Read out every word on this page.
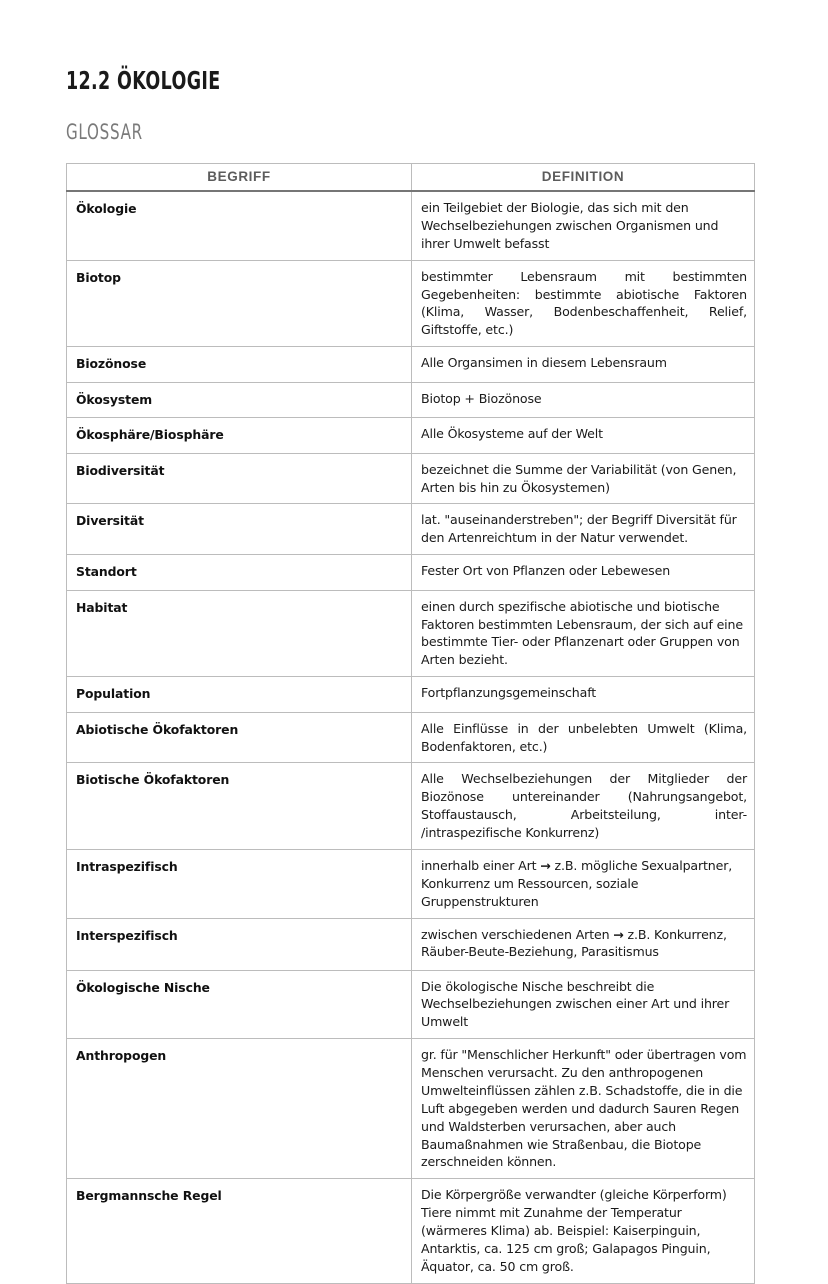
12.2 ÖKOLOGIE
GLOSSAR
BEGRIFF	DEFINITION
Ökologie	ein Teilgebiet der Biologie, das sich mit den Wechselbeziehungen zwischen Organismen und ihrer Umwelt befasst
Biotop	bestimmter Lebensraum mit bestimmten Gegebenheiten: bestimmte abiotische Faktoren (Klima, Wasser, Bodenbeschaffenheit, Relief, Giftstoffe, etc.)
Biozönose	Alle Organsimen in diesem Lebensraum
Ökosystem	Biotop + Biozönose
Ökosphäre/Biosphäre	Alle Ökosysteme auf der Welt
Biodiversität	bezeichnet die Summe der Variabilität (von Genen, Arten bis hin zu Ökosystemen)
Diversität	lat. "auseinanderstreben"; der Begriff Diversität für den Artenreichtum in der Natur verwendet.
Standort	Fester Ort von Pflanzen oder Lebewesen
Habitat	einen durch spezifische abiotische und biotische Faktoren bestimmten Lebensraum, der sich auf eine bestimmte Tier- oder Pflanzenart oder Gruppen von Arten bezieht.
Population	Fortpflanzungsgemeinschaft
Abiotische Ökofaktoren	Alle Einflüsse in der unbelebten Umwelt (Klima, Bodenfaktoren, etc.)
Biotische Ökofaktoren	Alle Wechselbeziehungen der Mitglieder der Biozönose untereinander (Nahrungsangebot, Stoffaustausch, Arbeitsteilung, inter- /intraspezifische Konkurrenz)
Intraspezifisch	innerhalb einer Art → z.B. mögliche Sexualpartner, Konkurrenz um Ressourcen, soziale Gruppenstrukturen
Interspezifisch	zwischen verschiedenen Arten → z.B. Konkurrenz, Räuber-Beute-Beziehung, Parasitismus
Ökologische Nische	Die ökologische Nische beschreibt die Wechselbeziehungen zwischen einer Art und ihrer Umwelt
Anthropogen	gr. für "Menschlicher Herkunft" oder übertragen vom Menschen verursacht. Zu den anthropogenen Umwelteinflüssen zählen z.B. Schadstoffe, die in die Luft abgegeben werden und dadurch Sauren Regen und Waldsterben verursachen, aber auch Baumaßnahmen wie Straßenbau, die Biotope zerschneiden können.
Bergmannsche Regel	Die Körpergröße verwandter (gleiche Körperform) Tiere nimmt mit Zunahme der Temperatur (wärmeres Klima) ab. Beispiel: Kaiserpinguin, Antarktis, ca. 125 cm groß; Galapagos Pinguin, Äquator, ca. 50 cm groß.
